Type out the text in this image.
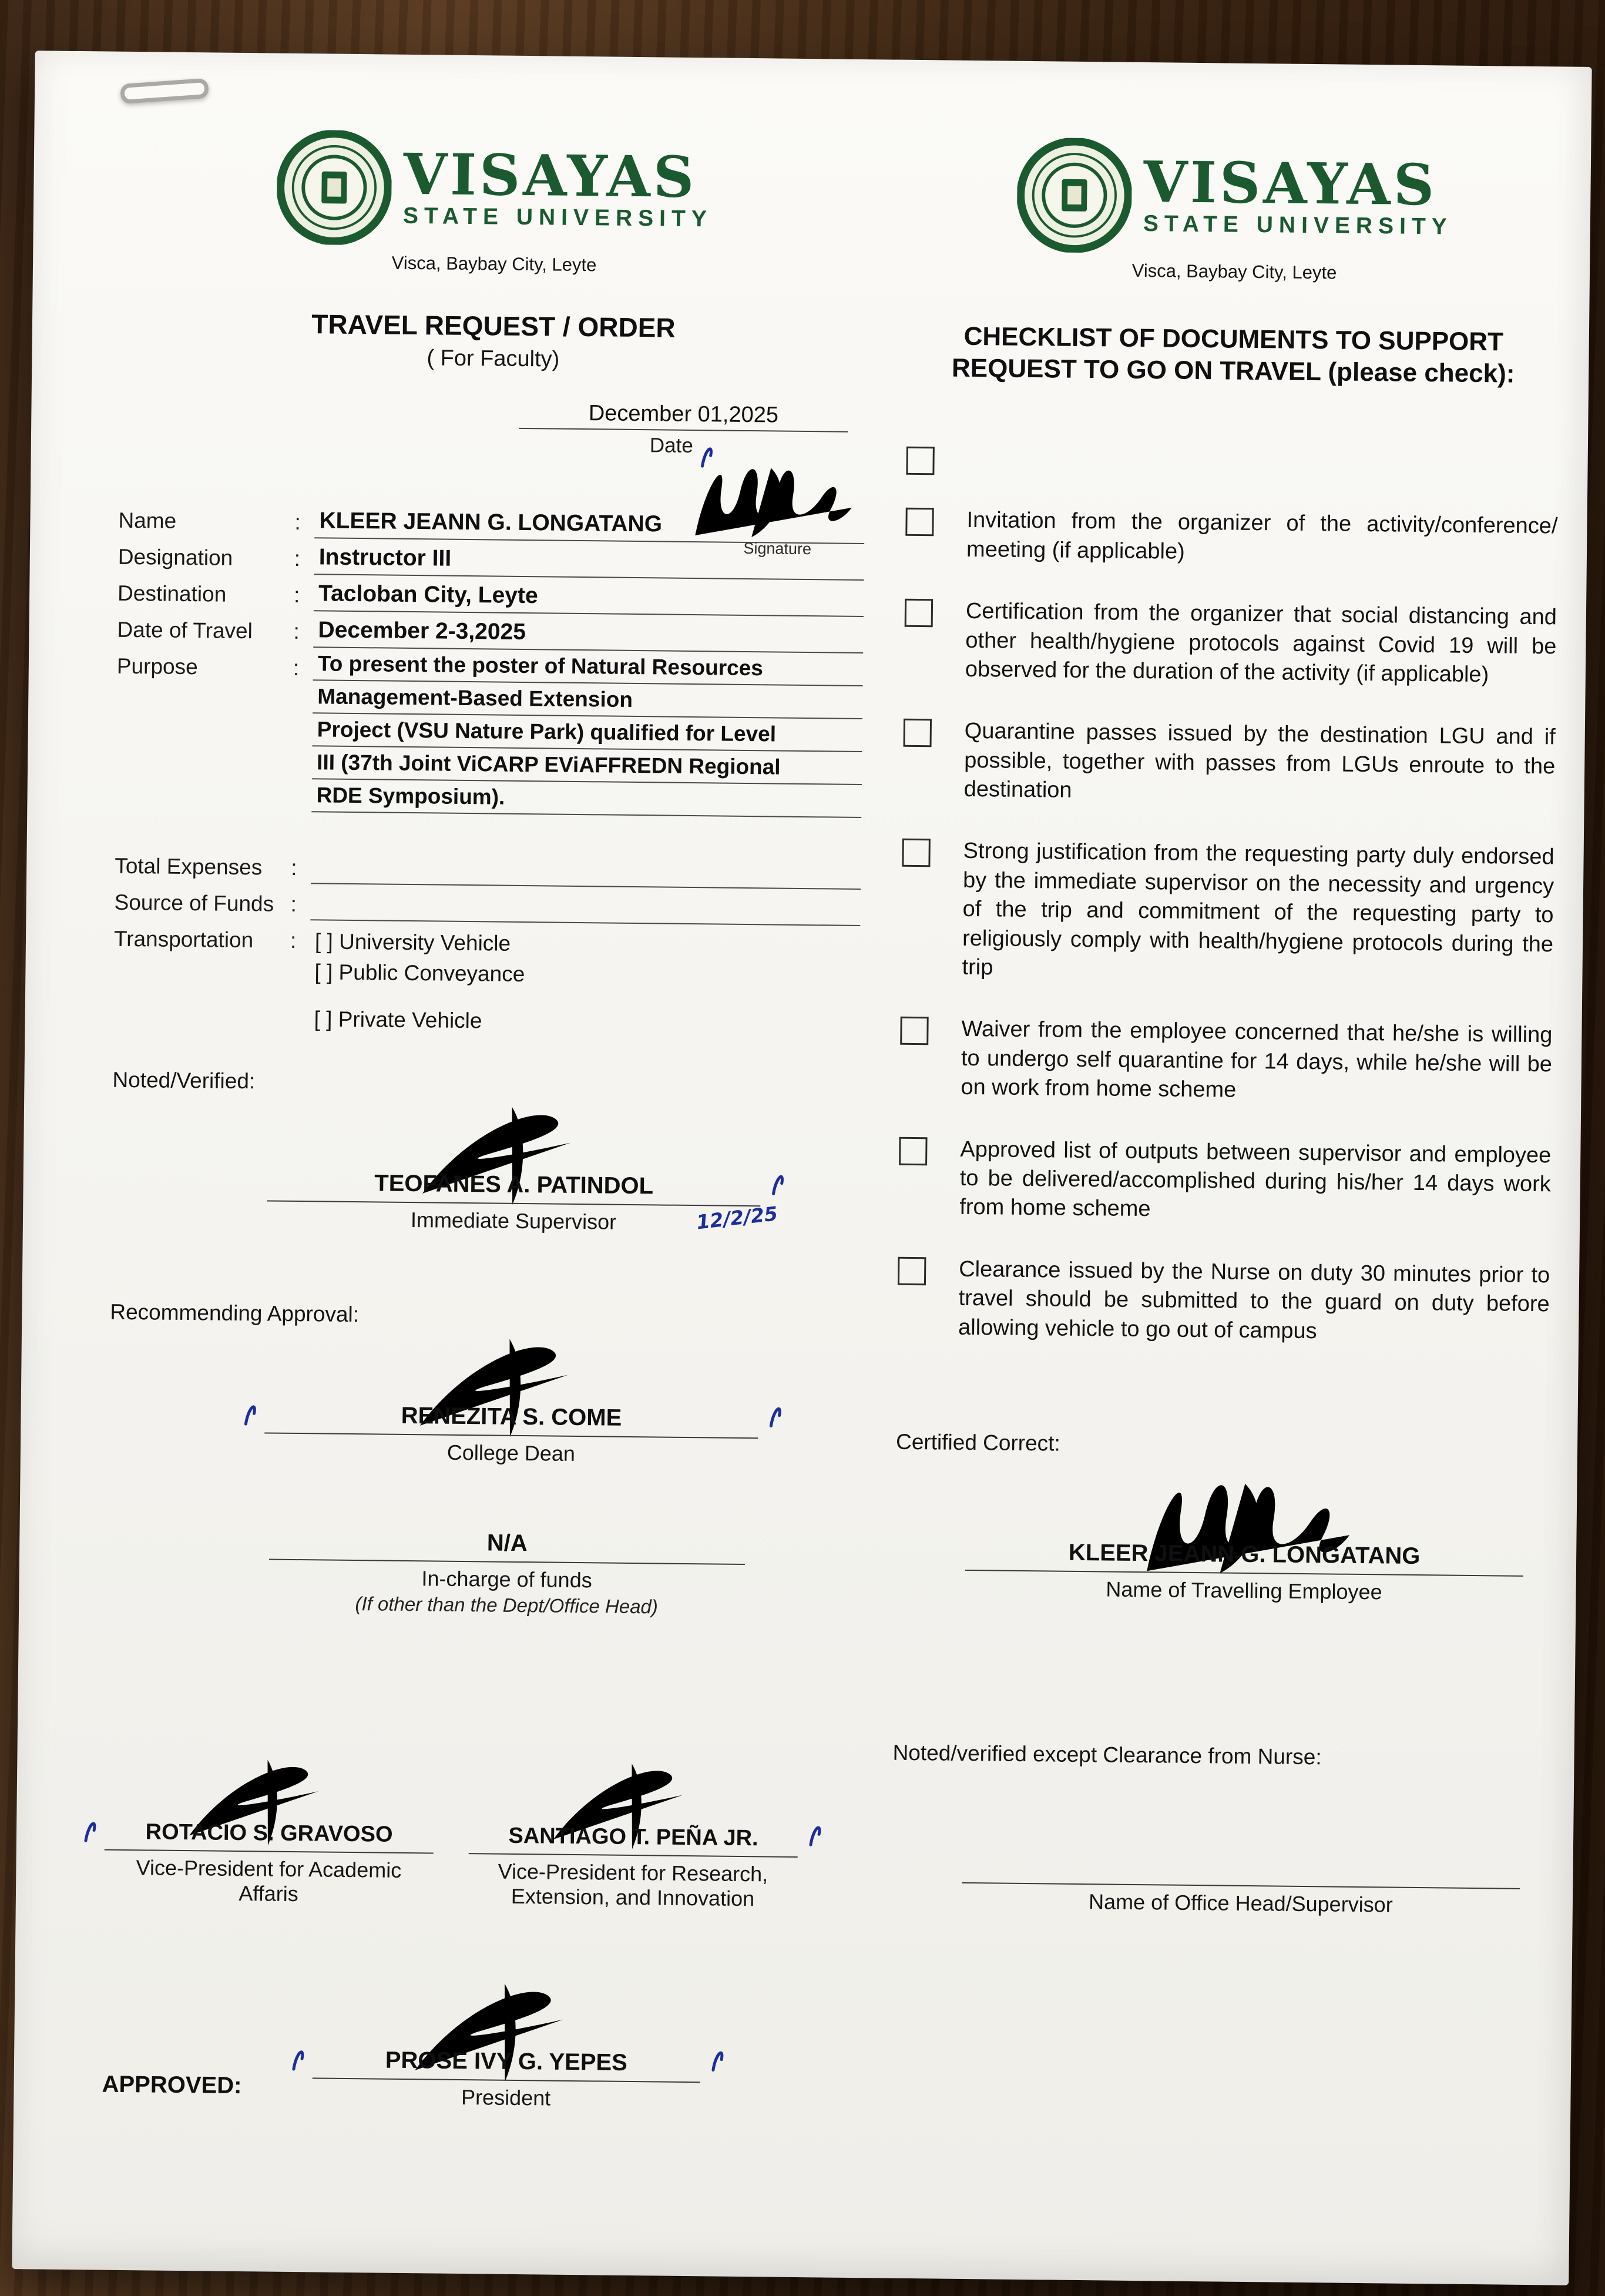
VISAYAS
STATE UNIVERSITY
Visca, Baybay City, Leyte
TRAVEL REQUEST / ORDER
( For Faculty)
December 01,2025
Date
Name	: KLEER JEANN G. LONGATANG
Signature
Designation	: Instructor III
Destination	: Tacloban City, Leyte
Date of Travel	: December 2-3,2025
Purpose	: To present the poster of Natural Resources
Management-Based Extension
Project (VSU Nature Park) qualified for Level
III (37th Joint ViCARP EViAFFREDN Regional
RDE Symposium).
Total Expenses	:
Source of Funds :
Transportation	: [ ] University Vehicle
[ ] Public Conveyance
[ ] Private Vehicle
Noted/Verified:
TEOFANES A. PATINDOL
12/2/25
Immediate Supervisor
Recommending Approval:
RENEZITA S. COME
College Dean
N/A
In-charge of funds
(If other than the Dept/Office Head)
ROTACIO S. GRAVOSO
Vice-President for Academic
Affaris
SANTIAGO T. PEÑA JR.
Vice-President for Research,
Extension, and Innovation
APPROVED:
PROSE IVY G. YEPES
President
VISAYAS
STATE UNIVERSITY
Visca, Baybay City, Leyte
CHECKLIST OF DOCUMENTS TO SUPPORT
REQUEST TO GO ON TRAVEL (please check):
Invitation from the organizer of the activity/conference/ meeting (if applicable)
Certification from the organizer that social distancing and other health/hygiene protocols against Covid 19 will be observed for the duration of the activity (if applicable)
Quarantine passes issued by the destination LGU and if possible, together with passes from LGUs enroute to the destination
Strong justification from the requesting party duly endorsed by the immediate supervisor on the necessity and urgency of the trip and commitment of the requesting party to religiously comply with health/hygiene protocols during the trip
Waiver from the employee concerned that he/she is willing to undergo self quarantine for 14 days, while he/she will be on work from home scheme
Approved list of outputs between supervisor and employee to be delivered/accomplished during his/her 14 days work from home scheme
Clearance issued by the Nurse on duty 30 minutes prior to travel should be submitted to the guard on duty before allowing vehicle to go out of campus
Certified Correct:
KLEER JEANN G. LONGATANG
Name of Travelling Employee
Noted/verified except Clearance from Nurse:
Name of Office Head/Supervisor
